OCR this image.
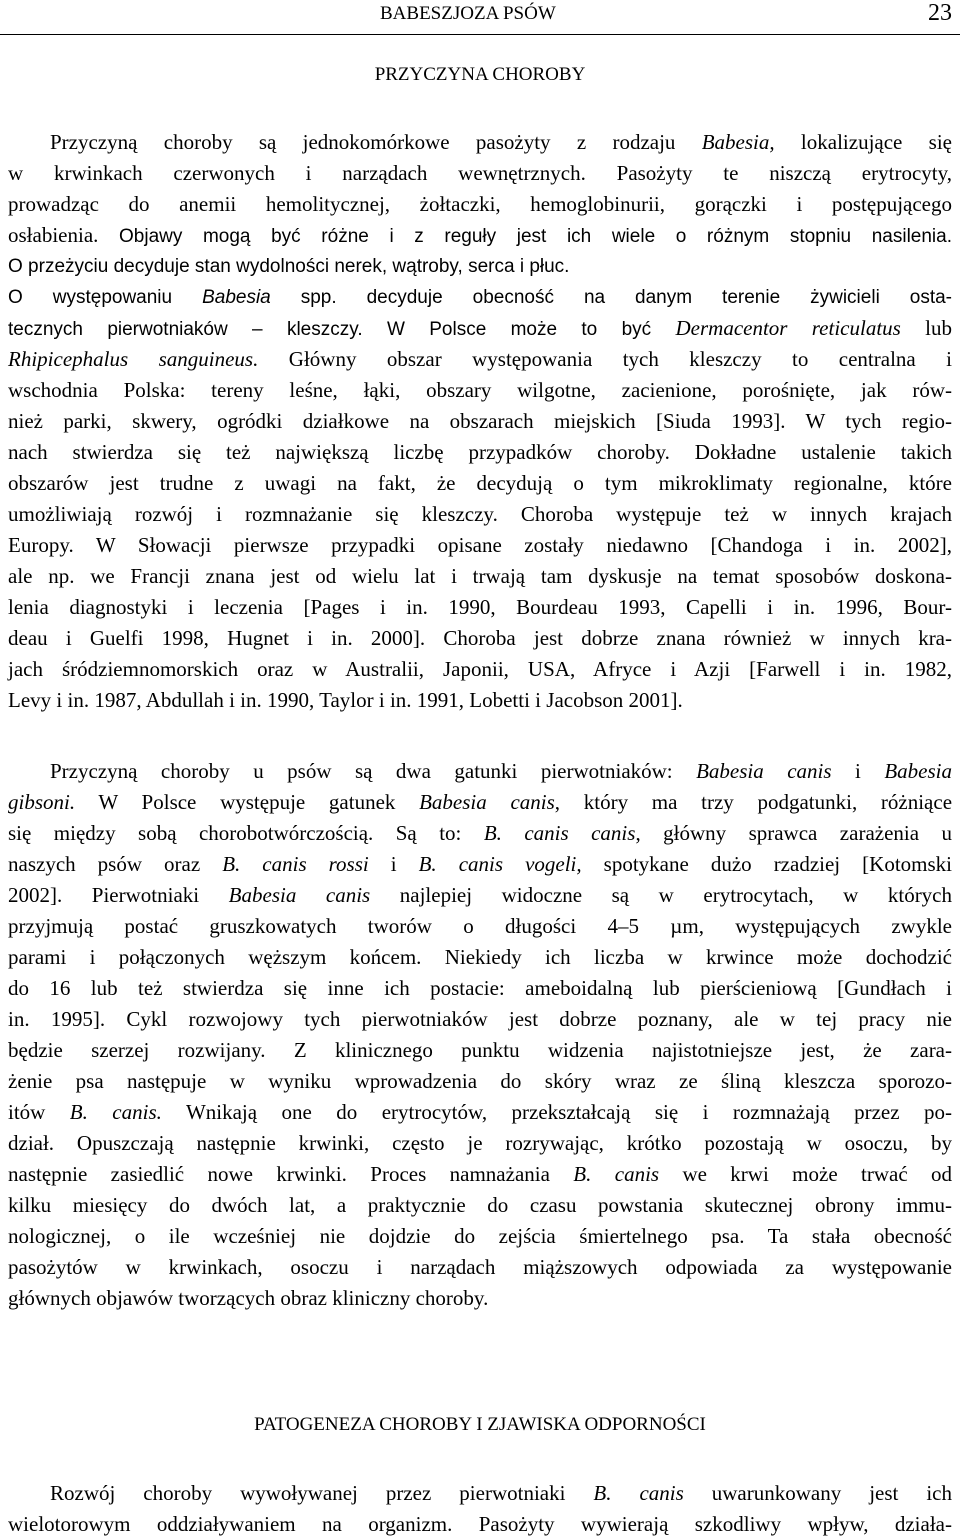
BABESZJOZA PSÓW	23
PRZYCZYNA CHOROBY
Przyczyną choroby są jednokomórkowe pasożyty z rodzaju Babesia, lokalizujące się
w krwinkach czerwonych i narządach wewnętrznych. Pasożyty te niszczą erytrocyty,
prowadząc do anemii hemolitycznej, żołtaczki, hemoglobinurii, gorączki i postępującego
osłabienia. Objawy mogą być różne i z reguły jest ich wiele o różnym stopniu nasilenia.
O przeżyciu decyduje stan wydolności nerek, wątroby, serca i płuc.
O występowaniu Babesia spp. decyduje obecność na danym terenie żywicieli osta-
tecznych pierwotniaków – kleszczy. W Polsce może to być Dermacentor reticulatus lub
Rhipicephalus sanguineus. Główny obszar występowania tych kleszczy to centralna i
wschodnia Polska: tereny leśne, łąki, obszary wilgotne, zacienione, porośnięte, jak rów-
nież parki, skwery, ogródki działkowe na obszarach miejskich [Siuda 1993]. W tych regio-
nach stwierdza się też największą liczbę przypadków choroby. Dokładne ustalenie takich
obszarów jest trudne z uwagi na fakt, że decydują o tym mikroklimaty regionalne, które
umożliwiają rozwój i rozmnażanie się kleszczy. Choroba występuje też w innych krajach
Europy. W Słowacji pierwsze przypadki opisane zostały niedawno [Chandoga i in. 2002],
ale np. we Francji znana jest od wielu lat i trwają tam dyskusje na temat sposobów doskona-
lenia diagnostyki i leczenia [Pages i in. 1990, Bourdeau 1993, Capelli i in. 1996, Bour-
deau i Guelfi 1998, Hugnet i in. 2000]. Choroba jest dobrze znana również w innych kra-
jach śródziemnomorskich oraz w Australii, Japonii, USA, Afryce i Azji [Farwell i in. 1982,
Levy i in. 1987, Abdullah i in. 1990, Taylor i in. 1991, Lobetti i Jacobson 2001].
Przyczyną choroby u psów są dwa gatunki pierwotniaków: Babesia canis i Babesia
gibsoni. W Polsce występuje gatunek Babesia canis, który ma trzy podgatunki, różniące
się między sobą chorobotwórczością. Są to: B. canis canis, główny sprawca zarażenia u
naszych psów oraz B. canis rossi i B. canis vogeli, spotykane dużo rzadziej [Kotomski
2002]. Pierwotniaki Babesia canis najlepiej widoczne są w erytrocytach, w których
przyjmują postać gruszkowatych tworów o długości 4–5 µm, występujących zwykle
parami i połączonych węższym końcem. Niekiedy ich liczba w krwince może dochodzić
do 16 lub też stwierdza się inne ich postacie: ameboidalną lub pierścieniową [Gundłach i
in. 1995]. Cykl rozwojowy tych pierwotniaków jest dobrze poznany, ale w tej pracy nie
będzie szerzej rozwijany. Z klinicznego punktu widzenia najistotniejsze jest, że zara-
żenie psa następuje w wyniku wprowadzenia do skóry wraz ze śliną kleszcza sporozo-
itów B. canis. Wnikają one do erytrocytów, przekształcają się i rozmnażają przez po-
dział. Opuszczają następnie krwinki, często je rozrywając, krótko pozostają w osoczu, by
następnie zasiedlić nowe krwinki. Proces namnażania B. canis we krwi może trwać od
kilku miesięcy do dwóch lat, a praktycznie do czasu powstania skutecznej obrony immu-
nologicznej, o ile wcześniej nie dojdzie do zejścia śmiertelnego psa. Ta stała obecność
pasożytów w krwinkach, osoczu i narządach miąższowych odpowiada za występowanie
głównych objawów tworzących obraz kliniczny choroby.
PATOGENEZA CHOROBY I ZJAWISKA ODPORNOŚCI
Rozwój choroby wywoływanej przez pierwotniaki B. canis uwarunkowany jest ich
wielotorowym oddziaływaniem na organizm. Pasożyty wywierają szkodliwy wpływ, działa-
